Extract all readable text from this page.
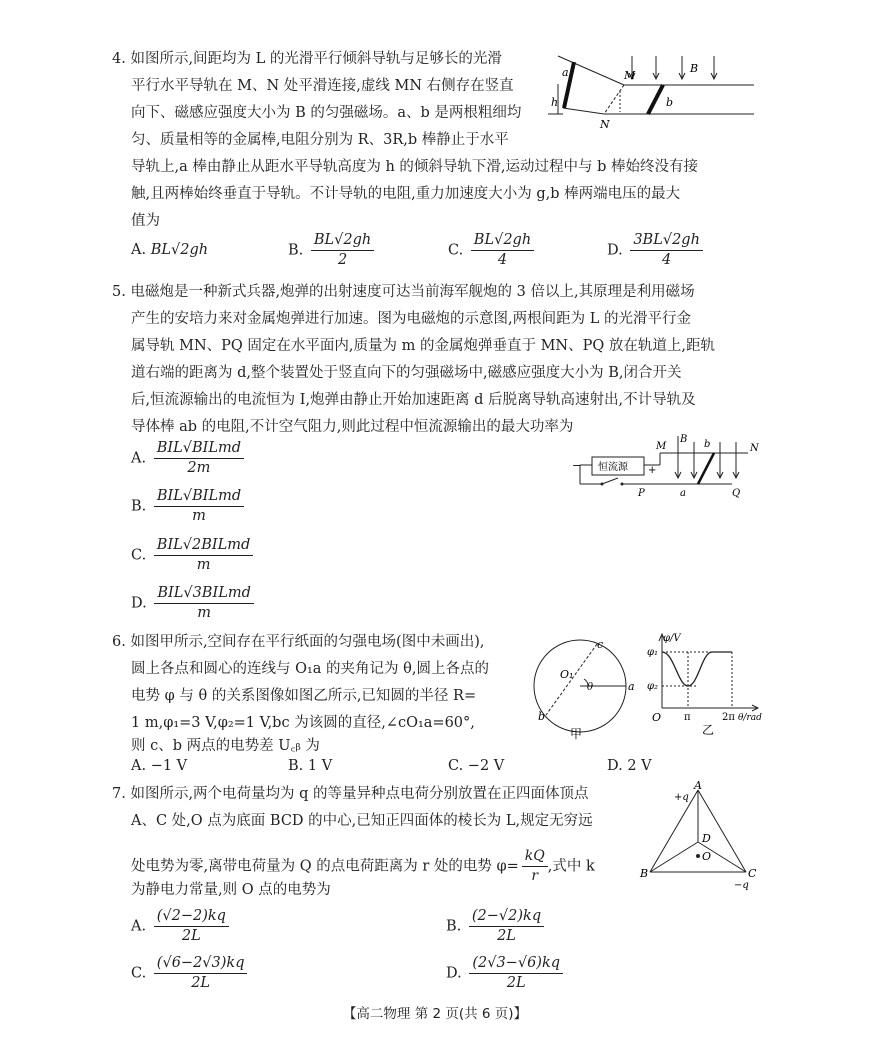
4. 如图所示,间距均为 L 的光滑平行倾斜导轨与足够长的光滑
平行水平导轨在 M、N 处平滑连接,虚线 MN 右侧存在竖直
向下、磁感应强度大小为 B 的匀强磁场。a、b 是两根粗细均
匀、质量相等的金属棒,电阻分别为 R、3R,b 棒静止于水平
导轨上,a 棒由静止从距水平导轨高度为 h 的倾斜导轨下滑,运动过程中与 b 棒始终没有接
触,且两棒始终垂直于导轨。不计导轨的电阻,重力加速度大小为 g,b 棒两端电压的最大
值为
A. BL√2gh	B. $\frac{BL√2gh}{2}$	C. $\frac{BL√2gh}{4}$	D. $\frac{3BL√2gh}{4}$
a	M
B
h	b
N
5. 电磁炮是一种新式兵器,炮弹的出射速度可达当前海军舰炮的 3 倍以上,其原理是利用磁场
产生的安培力来对金属炮弹进行加速。图为电磁炮的示意图,两根间距为 L 的光滑平行金
属导轨 MN、PQ 固定在水平面内,质量为 m 的金属炮弹垂直于 MN、PQ 放在轨道上,距轨
道右端的距离为 d,整个装置处于竖直向下的匀强磁场中,磁感应强度大小为 B,闭合开关
后,恒流源输出的电流恒为 I,炮弹由静止开始加速距离 d 后脱离导轨高速射出,不计导轨及
导体棒 ab 的电阻,不计空气阻力,则此过程中恒流源输出的最大功率为
A. $\frac{\text{BIL√BILmd}}{2m}$
B. $\frac{\text{BIL√BILmd}}{m}$
C. $\frac{\text{BIL√2BILmd}}{m}$
D. $\frac{\text{BIL√3BILmd}}{m}$
恒流源
−	+
M
B b	N
P	a	Q
6. 如图甲所示,空间存在平行纸面的匀强电场(图中未画出),
圆上各点和圆心的连线与 O₁a 的夹角记为 θ,圆上各点的
电势 φ 与 θ 的关系图像如图乙所示,已知圆的半径 R=
1 m,φ₁=3 V,φ₂=1 V,bc 为该圆的直径,∠cO₁a=60°,
则 c、b 两点的电势差 U꜀ᵦ 为
A. −1 V	B. 1 V	C. −2 V	D. 2 V
c
O₁
θ	a
b
甲
φ/V
φ₁
φ₂
O π	2π θ/rad
乙
7. 如图所示,两个电荷量均为 q 的等量异种点电荷分别放置在正四面体顶点
A、C 处,O 点为底面 BCD 的中心,已知正四面体的棱长为 L,规定无穷远
处电势为零,离带电荷量为 Q 的点电荷距离为 r 处的电势 $\varphi= \frac{kQ}{r}$ ,式中 k
为静电力常量,则 O 点的电势为
A. $\frac{(√2-2)kq}{2L}$	B. $\frac{(2-√2)kq}{2L}$
C. $\frac{(√6-2√3)kq}{2L}$	D. $\frac{(2√3-√6)kq}{2L}$
A
+q
D
O
B	C
−q
【高二物理 第 2 页(共 6 页)】
